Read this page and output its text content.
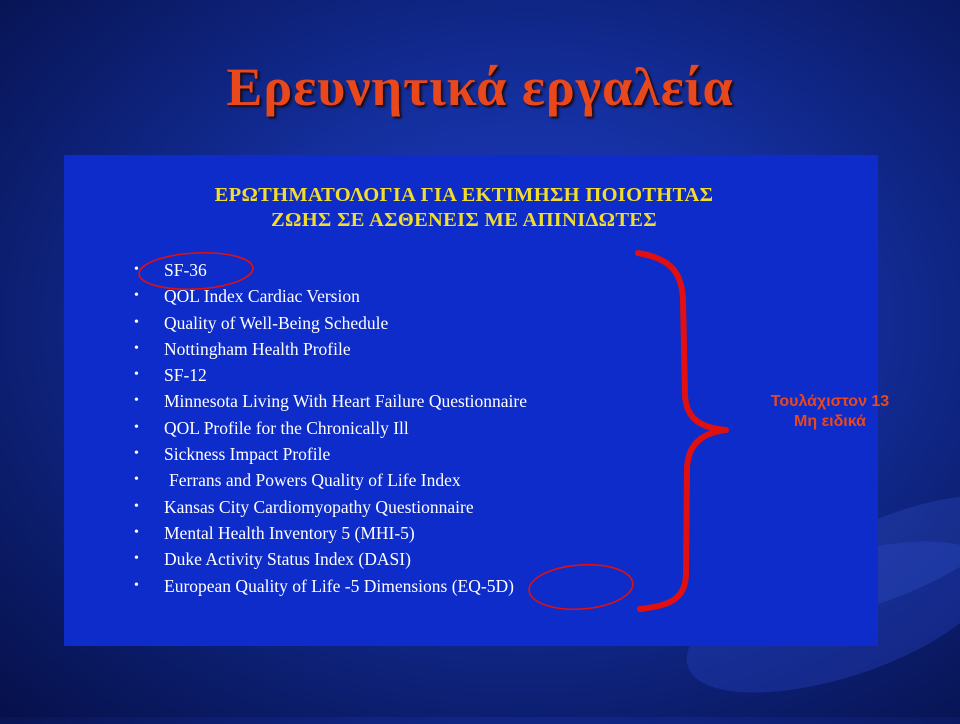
Ερευνητικά εργαλεία
ΕΡΩΤΗΜΑΤΟΛΟΓΙΑ ΓΙΑ ΕΚΤΙΜΗΣΗ ΠΟΙΟΤΗΤΑΣ
ΖΩΗΣ ΣΕ ΑΣΘΕΝΕΙΣ ΜΕ ΑΠΙΝΙΔΩΤΕΣ
• SF-36
• QOL Index Cardiac Version
• Quality of Well-Being Schedule
• Nottingham Health Profile
• SF-12
• Minnesota Living With Heart Failure Questionnaire
• QOL Profile for the Chronically Ill
• Sickness Impact Profile
• Ferrans and Powers Quality of Life Index
• Kansas City Cardiomyopathy Questionnaire
• Mental Health Inventory 5 (MHI-5)
• Duke Activity Status Index (DASI)
• European Quality of Life -5 Dimensions (EQ-5D)
Τουλάχιστον 13
Μη ειδικά
